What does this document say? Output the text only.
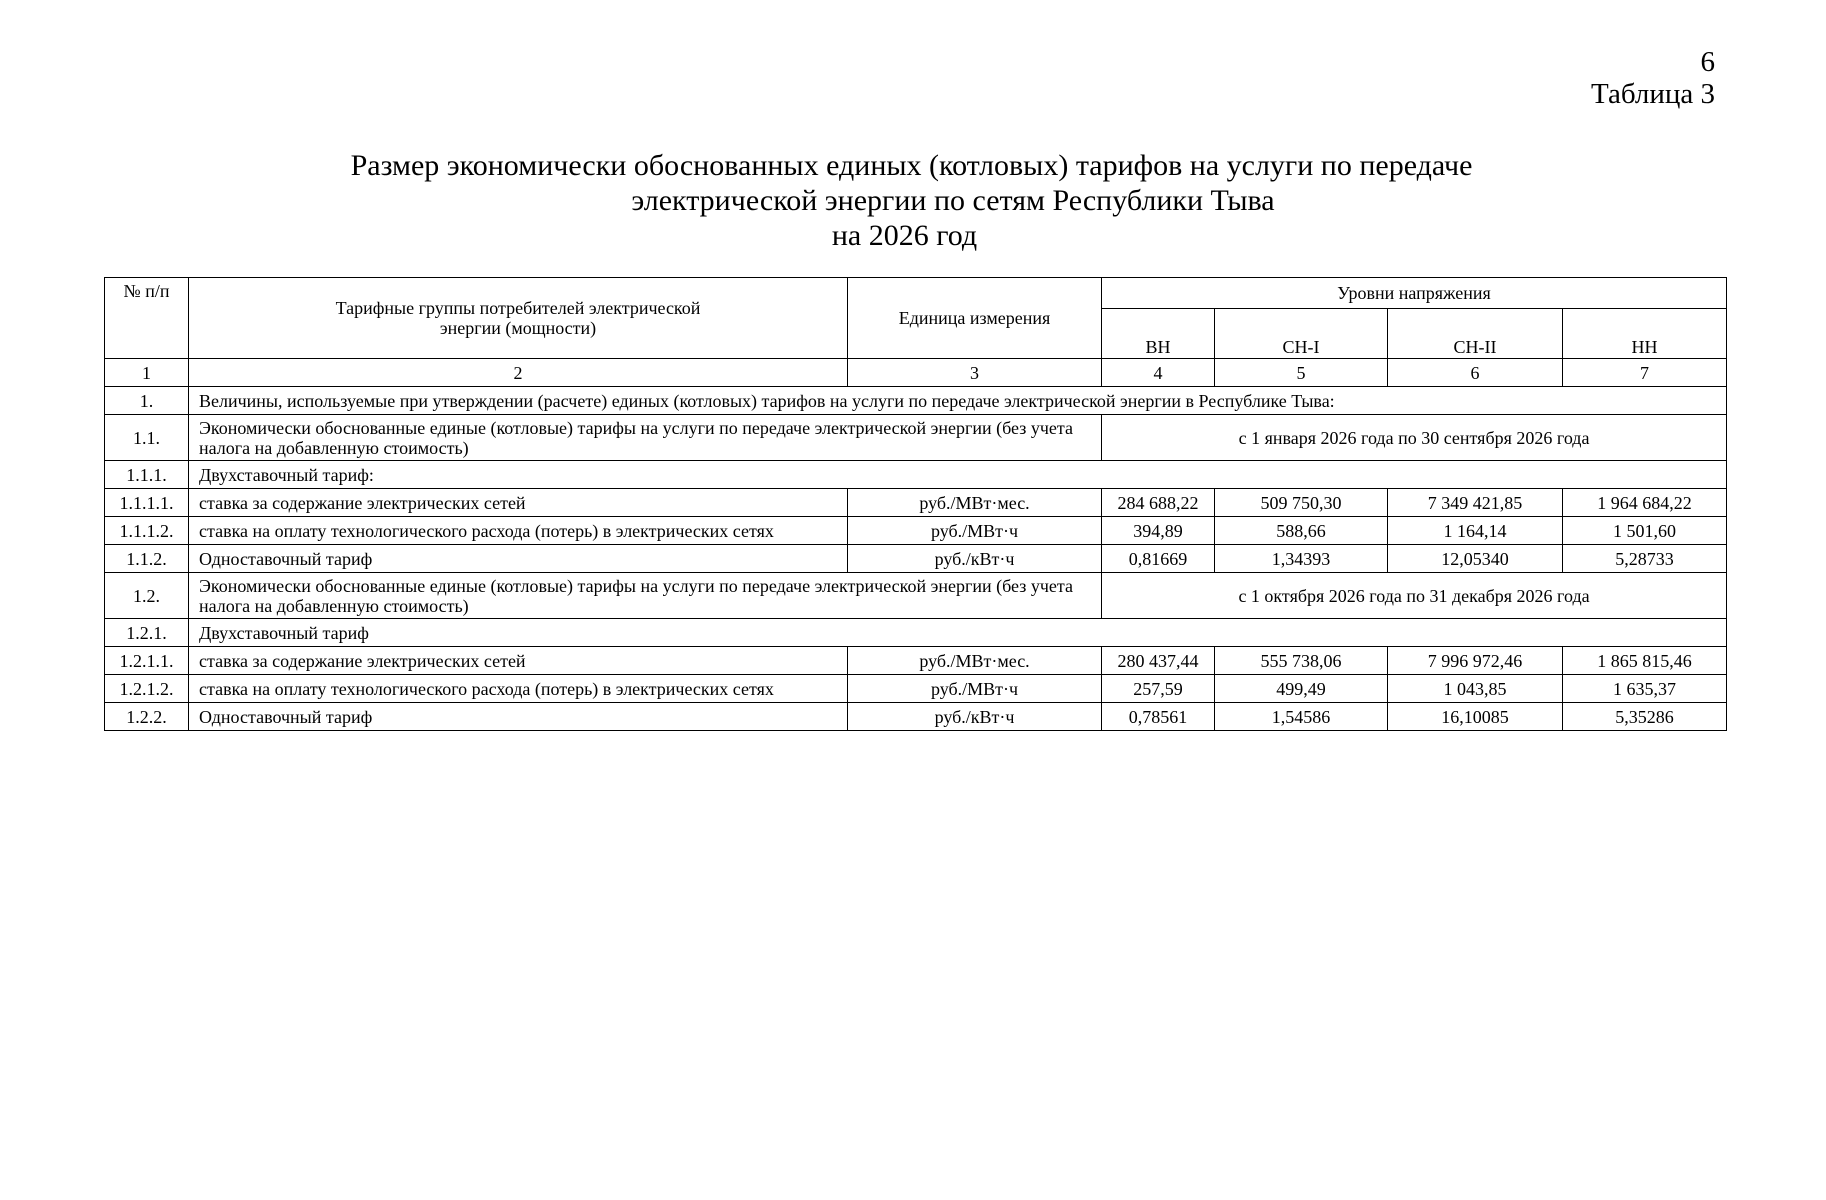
6
Таблица 3
Размер экономически обоснованных единых (котловых) тарифов на услуги по передаче
электрической энергии по сетям Республики Тыва
на 2026 год
№ п/п	Тарифные группы потребителей электрической энергии (мощности)	Единица измерения	Уровни напряжения			
			ВН	СН-I	СН-II	НН
1	2	3	4	5	6	7
1.	Величины, используемые при утверждении (расчете) единых (котловых) тарифов на услуги по передаче электрической энергии в Республике Тыва:					
1.1.	Экономически обоснованные единые (котловые) тарифы на услуги по передаче электрической энергии (без учета налога на добавленную стоимость)		с 1 января 2026 года по 30 сентября 2026 года			
1.1.1.	Двухставочный тариф:					
1.1.1.1.	ставка за содержание электрических сетей	руб./МВт·мес.	284 688,22	509 750,30	7 349 421,85	1 964 684,22
1.1.1.2.	ставка на оплату технологического расхода (потерь) в электрических сетях	руб./МВт·ч	394,89	588,66	1 164,14	1 501,60
1.1.2.	Одноставочный тариф	руб./кВт·ч	0,81669	1,34393	12,05340	5,28733
1.2.	Экономически обоснованные единые (котловые) тарифы на услуги по передаче электрической энергии (без учета налога на добавленную стоимость)		с 1 октября 2026 года по 31 декабря 2026 года			
1.2.1.	Двухставочный тариф					
1.2.1.1.	ставка за содержание электрических сетей	руб./МВт·мес.	280 437,44	555 738,06	7 996 972,46	1 865 815,46
1.2.1.2.	ставка на оплату технологического расхода (потерь) в электрических сетях	руб./МВт·ч	257,59	499,49	1 043,85	1 635,37
1.2.2.	Одноставочный тариф	руб./кВт·ч	0,78561	1,54586	16,10085	5,35286
